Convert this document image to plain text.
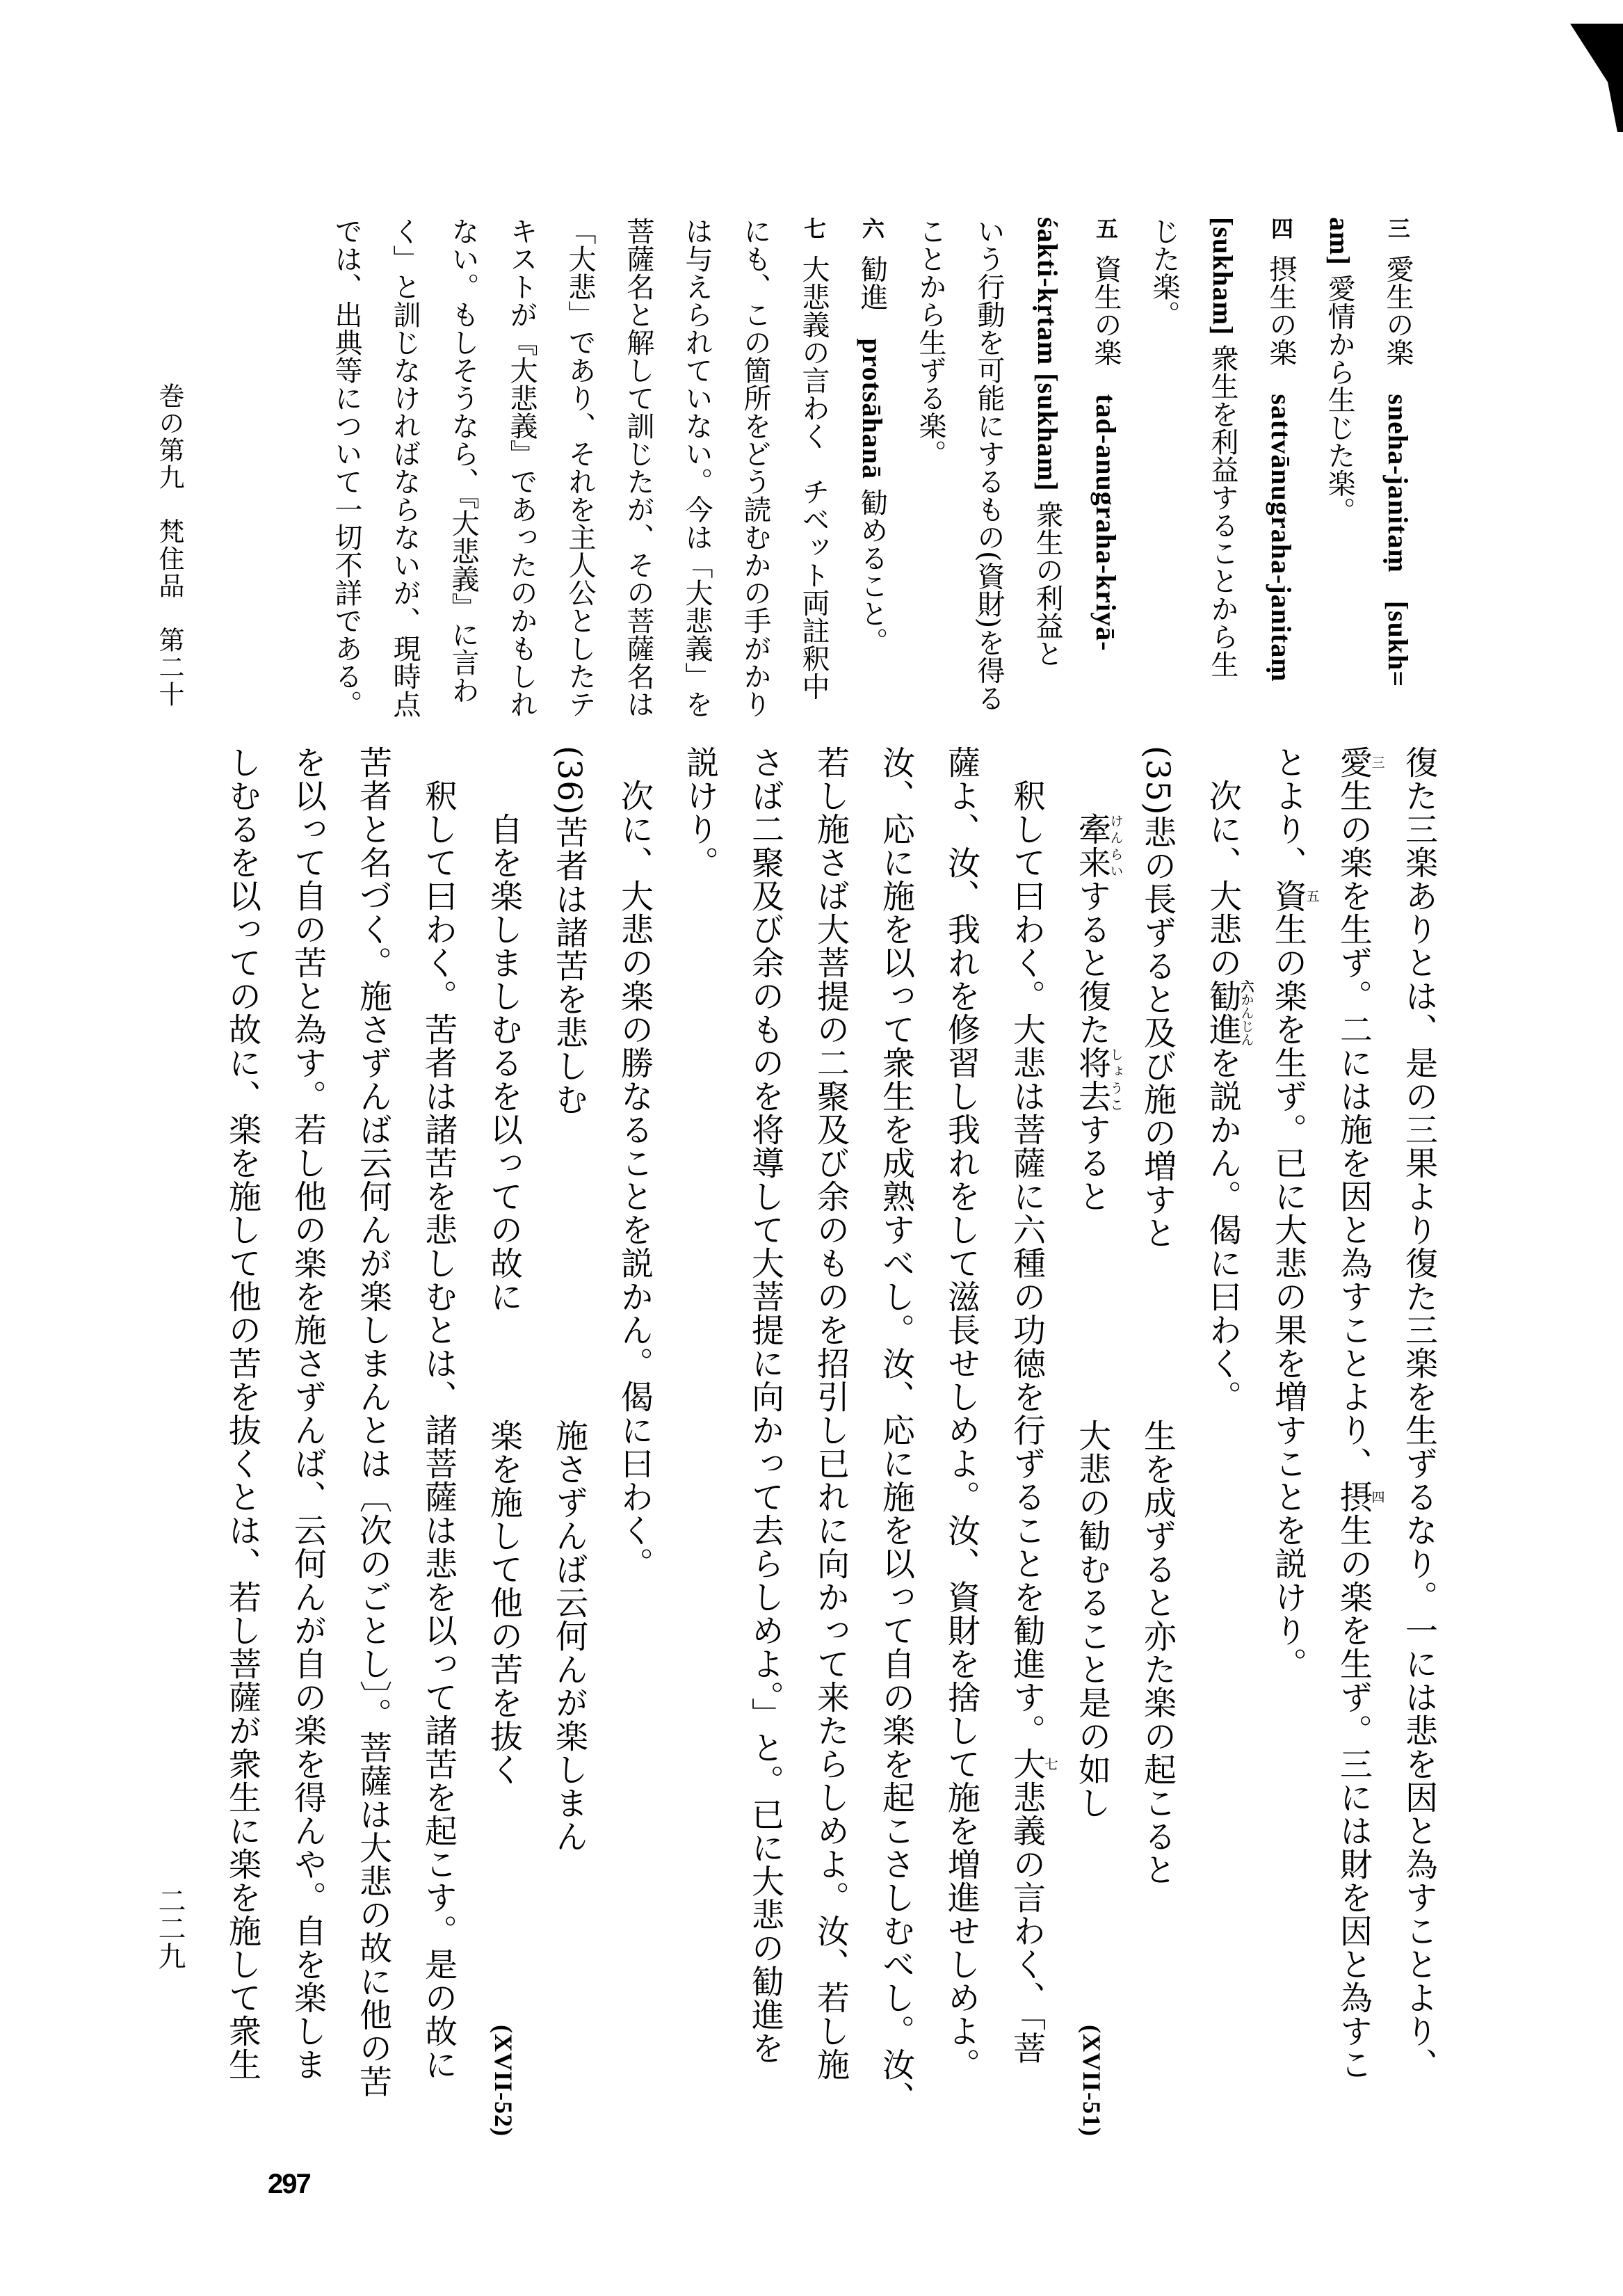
巻の第九　梵住品　第二十
三 愛生の楽　sneha-janitaṃ　[sukh=
am] 愛情から生じた楽。
四 摂生の楽　sattvānugraha-janitaṃ
[sukham] 衆生を利益することから生
じた楽。
五 資生の楽　tad-anugraha-kriyā-
śakti-kṛtam [sukham] 衆生の利益と
いう行動を可能にするもの(資財)を得る
ことから生ずる楽。
六 勧進　protsāhanā 勧めること。
七 大悲義の言わく　チベット両註釈中
にも、この箇所をどう読むかの手がかり
は与えられていない。今は「大悲義」を
菩薩名と解して訓じたが、その菩薩名は
「大悲」であり、それを主人公としたテ
キストが『大悲義』であったのかもしれ
ない。もしそうなら、『大悲義』に言わ
く」と訓じなければならないが、現時点
では、出典等について一切不詳である。
復た三楽ありとは、是の三果より復た三楽を生ずるなり。一には悲を因と為すことより、
愛三生の楽を生ず。二には施を因と為すことより、摂四生の楽を生ず。三には財を因と為すこ
とより、資五生の楽を生ず。已に大悲の果を増すことを説けり。
　次に、大悲の勧進六かんじんを説かん。偈に曰わく。
(35)悲の長ずると及び施の増すと
生を成ずると亦た楽の起こると
　　牽来けんらいすると復た将去しょうこすると
大悲の勧むること是の如し
(XVII-51)
　釈して曰わく。大悲は菩薩に六種の功徳を行ずることを勧進す。大七悲義の言わく、「菩
薩よ、汝、我れを修習し我れをして滋長せしめよ。汝、資財を捨して施を増進せしめよ。
汝、応に施を以って衆生を成熟すべし。汝、応に施を以って自の楽を起こさしむべし。汝、
若し施さば大菩提の二聚及び余のものを招引し已れに向かって来たらしめよ。汝、若し施
さば二聚及び余のものを将導して大菩提に向かって去らしめよ。」と。已に大悲の勧進を
説けり。
　次に、大悲の楽の勝なることを説かん。偈に曰わく。
(36)苦者は諸苦を悲しむ
施さずんば云何んが楽しまん
　　自を楽しましむるを以っての故に
楽を施して他の苦を抜く
(XVII-52)
　釈して曰わく。苦者は諸苦を悲しむとは、諸菩薩は悲を以って諸苦を起こす。是の故に
苦者と名づく。施さずんば云何んが楽しまんとは〔次のごとし〕。菩薩は大悲の故に他の苦
を以って自の苦と為す。若し他の楽を施さずんば、云何んが自の楽を得んや。自を楽しま
しむるを以っての故に、楽を施して他の苦を抜くとは、若し菩薩が衆生に楽を施して衆生
二二九
297
